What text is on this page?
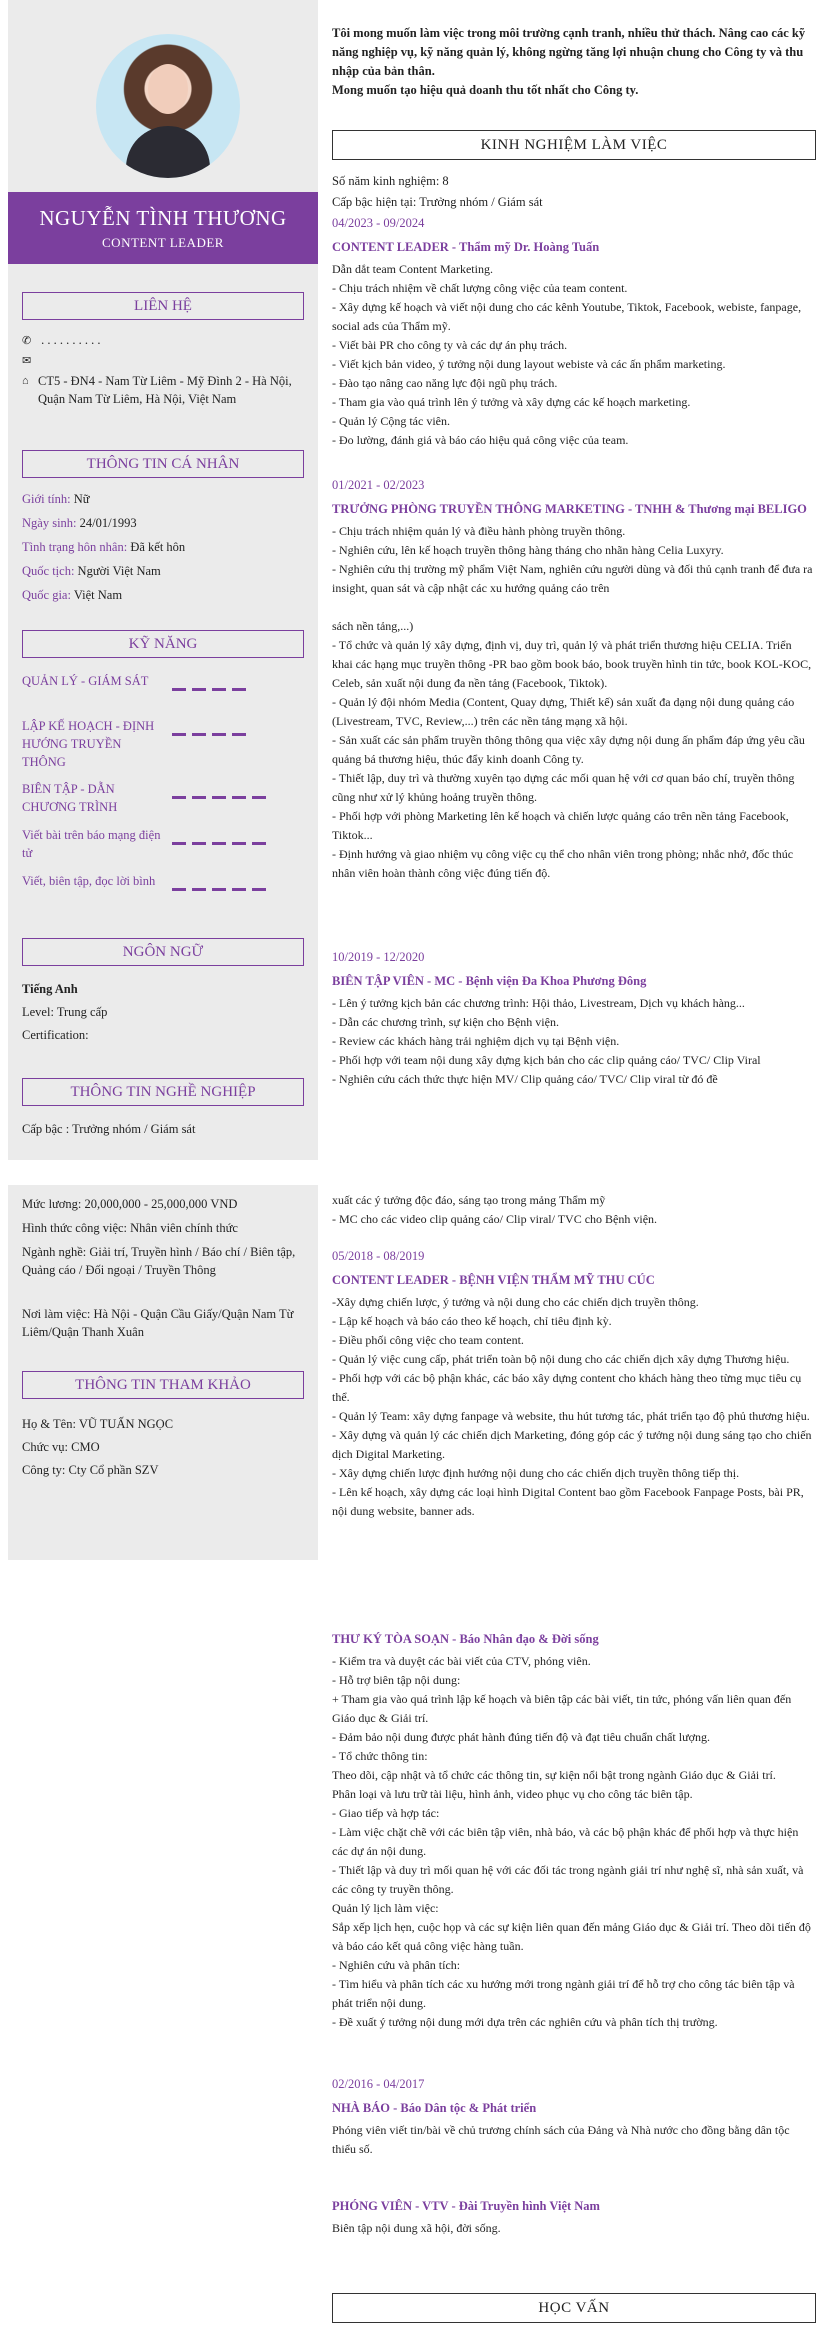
NGUYỄN TÌNH THƯƠNG
CONTENT LEADER
LIÊN HỆ
✆ . . . . . . . . . .
✉
⌂ CT5 - ĐN4 - Nam Từ Liêm - Mỹ Đình 2 - Hà Nội, Quận Nam Từ Liêm, Hà Nội, Việt Nam
THÔNG TIN CÁ NHÂN
Giới tính: Nữ
Ngày sinh: 24/01/1993
Tình trạng hôn nhân: Đã kết hôn
Quốc tịch: Người Việt Nam
Quốc gia: Việt Nam
KỸ NĂNG
QUẢN LÝ - GIÁM SÁT
LẬP KẾ HOẠCH - ĐỊNH HƯỚNG TRUYỀN THÔNG
BIÊN TẬP - DẪN CHƯƠNG TRÌNH
Viết bài trên báo mạng điện tử
Viết, biên tập, đọc lời bình
NGÔN NGỮ
Tiếng Anh
Level: Trung cấp
Certification:
THÔNG TIN NGHỀ NGHIỆP
Cấp bậc : Trưởng nhóm / Giám sát
Tôi mong muốn làm việc trong môi trường cạnh tranh, nhiều thử thách. Nâng cao các kỹ năng nghiệp vụ, kỹ năng quản lý, không ngừng tăng lợi nhuận chung cho Công ty và thu nhập của bản thân.
Mong muốn tạo hiệu quả doanh thu tốt nhất cho Công ty.
KINH NGHIỆM LÀM VIỆC
Số năm kinh nghiệm: 8
Cấp bậc hiện tại: Trưởng nhóm / Giám sát
04/2023 - 09/2024
CONTENT LEADER - Thẩm mỹ Dr. Hoàng Tuấn
Dẫn dắt team Content Marketing.
- Chịu trách nhiệm về chất lượng công việc của team content.
- Xây dựng kế hoạch và viết nội dung cho các kênh Youtube, Tiktok, Facebook, webiste, fanpage, social ads của Thẩm mỹ.
- Viết bài PR cho công ty và các dự án phụ trách.
- Viết kịch bản video, ý tưởng nội dung layout webiste và các ấn phẩm marketing.
- Đào tạo nâng cao năng lực đội ngũ phụ trách.
- Tham gia vào quá trình lên ý tưởng và xây dựng các kế hoạch marketing.
- Quản lý Cộng tác viên.
- Đo lường, đánh giá và báo cáo hiệu quả công việc của team.
01/2021 - 02/2023
TRƯỞNG PHÒNG TRUYỀN THÔNG MARKETING - TNHH & Thương mại BELIGO
- Chịu trách nhiệm quản lý và điều hành phòng truyền thông.
- Nghiên cứu, lên kế hoạch truyền thông hàng tháng cho nhãn hàng Celia Luxyry.
- Nghiên cứu thị trường mỹ phẩm Việt Nam, nghiên cứu người dùng và đối thủ cạnh tranh để đưa ra insight, quan sát và cập nhật các xu hướng quảng cáo trên

sách nền tảng,...)
- Tổ chức và quản lý xây dựng, định vị, duy trì, quản lý và phát triển thương hiệu CELIA. Triển khai các hạng mục truyền thông -PR bao gồm book báo, book truyền hình tin tức, book KOL-KOC, Celeb, sản xuất nội dung đa nền tảng (Facebook, Tiktok).
- Quản lý đội nhóm Media (Content, Quay dựng, Thiết kế) sản xuất đa dạng nội dung quảng cáo (Livestream, TVC, Review,...) trên các nền tảng mạng xã hội.
- Sản xuất các sản phẩm truyền thông thông qua việc xây dựng nội dung ấn phẩm đáp ứng yêu cầu quảng bá thương hiệu, thúc đẩy kinh doanh Công ty.
- Thiết lập, duy trì và thường xuyên tạo dựng các mối quan hệ với cơ quan báo chí, truyền thông cũng như xử lý khủng hoảng truyền thông.
- Phối hợp với phòng Marketing lên kế hoạch và chiến lược quảng cáo trên nền tảng Facebook, Tiktok...
- Định hướng và giao nhiệm vụ công việc cụ thể cho nhân viên trong phòng; nhắc nhở, đốc thúc nhân viên hoàn thành công việc đúng tiến độ.
10/2019 - 12/2020
BIÊN TẬP VIÊN - MC - Bệnh viện Đa Khoa Phương Đông
- Lên ý tưởng kịch bản các chương trình: Hội thảo, Livestream, Dịch vụ khách hàng...
- Dẫn các chương trình, sự kiện cho Bệnh viện.
- Review các khách hàng trải nghiệm dịch vụ tại Bệnh viện.
- Phối hợp với team nội dung xây dựng kịch bản cho các clip quảng cáo/ TVC/ Clip Viral
- Nghiên cứu cách thức thực hiện MV/ Clip quảng cáo/ TVC/ Clip viral từ đó đề
Mức lương: 20,000,000 - 25,000,000 VND
Hình thức công việc: Nhân viên chính thức
Ngành nghề: Giải trí, Truyền hình / Báo chí / Biên tập, Quảng cáo / Đối ngoại / Truyền Thông
Nơi làm việc: Hà Nội - Quận Cầu Giấy/Quận Nam Từ Liêm/Quận Thanh Xuân
THÔNG TIN THAM KHẢO
Họ & Tên: VŨ TUẤN NGỌC
Chức vụ: CMO
Công ty: Cty Cổ phần SZV
xuất các ý tưởng độc đáo, sáng tạo trong mảng Thẩm mỹ
- MC cho các video clip quảng cáo/ Clip viral/ TVC cho Bệnh viện.
05/2018 - 08/2019
CONTENT LEADER - BỆNH VIỆN THẨM MỸ THU CÚC
-Xây dựng chiến lược, ý tưởng và nội dung cho các chiến dịch truyền thông.
- Lập kế hoạch và báo cáo theo kế hoạch, chỉ tiêu định kỳ.
- Điều phối công việc cho team content.
- Quản lý việc cung cấp, phát triển toàn bộ nội dung cho các chiến dịch xây dựng Thương hiệu.
- Phối hợp với các bộ phận khác, các báo xây dựng content cho khách hàng theo từng mục tiêu cụ thể.
- Quản lý Team: xây dựng fanpage và website, thu hút tương tác, phát triển tạo độ phủ thương hiệu.
- Xây dựng và quản lý các chiến dịch Marketing, đóng góp các ý tưởng nội dung sáng tạo cho chiến dịch Digital Marketing.
- Xây dựng chiến lược định hướng nội dung cho các chiến dịch truyền thông tiếp thị.
- Lên kế hoạch, xây dựng các loại hình Digital Content bao gồm Facebook Fanpage Posts, bài PR, nội dung website, banner ads.
THƯ KÝ TÒA SOẠN - Báo Nhân đạo & Đời sống
- Kiểm tra và duyệt các bài viết của CTV, phóng viên.
- Hỗ trợ biên tập nội dung:
+ Tham gia vào quá trình lập kế hoạch và biên tập các bài viết, tin tức, phóng vấn liên quan đến Giáo dục & Giải trí.
- Đảm bảo nội dung được phát hành đúng tiến độ và đạt tiêu chuẩn chất lượng.
- Tổ chức thông tin:
Theo dõi, cập nhật và tổ chức các thông tin, sự kiện nổi bật trong ngành Giáo dục & Giải trí.
Phân loại và lưu trữ tài liệu, hình ảnh, video phục vụ cho công tác biên tập.
- Giao tiếp và hợp tác:
- Làm việc chặt chẽ với các biên tập viên, nhà báo, và các bộ phận khác để phối hợp và thực hiện các dự án nội dung.
- Thiết lập và duy trì mối quan hệ với các đối tác trong ngành giải trí như nghệ sĩ, nhà sản xuất, và các công ty truyền thông.
Quản lý lịch làm việc:
Sắp xếp lịch hẹn, cuộc họp và các sự kiện liên quan đến mảng Giáo dục & Giải trí. Theo dõi tiến độ và báo cáo kết quả công việc hàng tuần.
- Nghiên cứu và phân tích:
- Tìm hiểu và phân tích các xu hướng mới trong ngành giải trí để hỗ trợ cho công tác biên tập và phát triển nội dung.
- Đề xuất ý tưởng nội dung mới dựa trên các nghiên cứu và phân tích thị trường.
02/2016 - 04/2017
NHÀ BÁO - Báo Dân tộc & Phát triển
Phóng viên viết tin/bài về chủ trương chính sách của Đảng và Nhà nước cho đồng bằng dân tộc thiểu số.
PHÓNG VIÊN - VTV - Đài Truyền hình Việt Nam
Biên tập nội dung xã hội, đời sống.
HỌC VẤN
